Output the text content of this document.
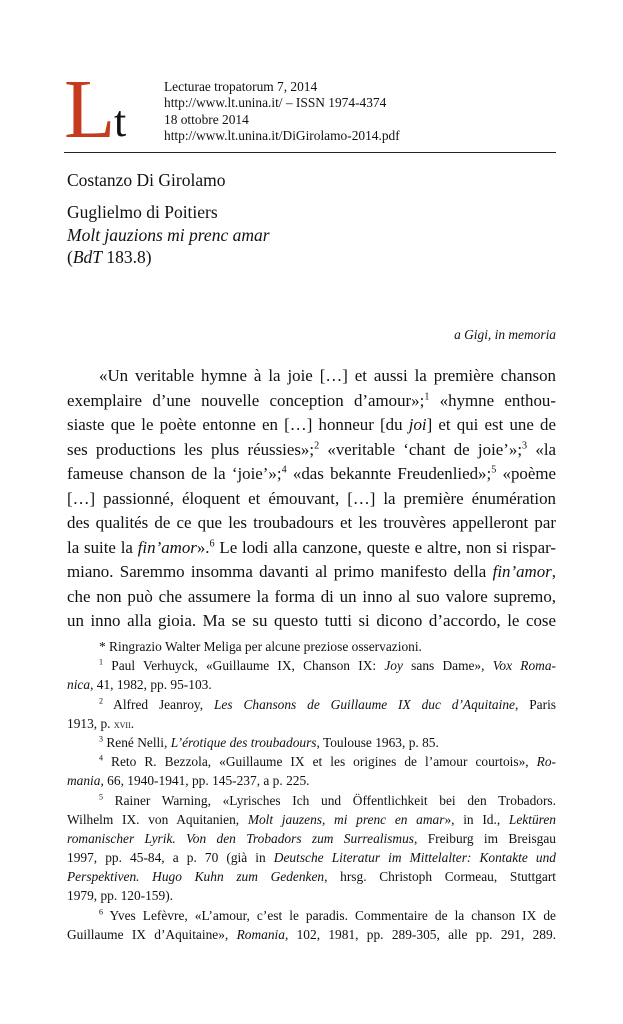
L
t
Lecturae tropatorum 7, 2014
http://www.lt.unina.it/ – ISSN 1974-4374
18 ottobre 2014
http://www.lt.unina.it/DiGirolamo-2014.pdf
Costanzo Di Girolamo
Guglielmo di Poitiers
Molt jauzions mi prenc amar
(BdT 183.8)
a Gigi, in memoria
«Un veritable hymne à la joie […] et aussi la première chanson
exemplaire d’une nouvelle conception d’amour»;$^1$ «hymne enthou-
siaste que le poète entonne en […] honneur [du joi] et qui est une de
ses productions les plus réussies»;$^2$ «veritable ‘chant de joie’»;$^3$ «la
fameuse chanson de la ‘joie’»;$^4$ «das bekannte Freudenlied»;$^5$ «poème
[…] passionné, éloquent et émouvant, […] la première énumération
des qualités de ce que les troubadours et les trouvères appelleront par
la suite la fin’amor».$^6$ Le lodi alla canzone, queste e altre, non si rispar-
miano. Saremmo insomma davanti al primo manifesto della fin’amor,
che non può che assumere la forma di un inno al suo valore supremo,
un inno alla gioia. Ma se su questo tutti si dicono d’accordo, le cose
* Ringrazio Walter Meliga per alcune preziose osservazioni.
$^1$ Paul Verhuyck, «Guillaume IX, Chanson IX: Joy sans Dame», Vox Roma-
nica, 41, 1982, pp. 95-103.
$^2$ Alfred Jeanroy, Les Chansons de Guillaume IX duc d’Aquitaine, Paris
1913, p. xvii.
$^3$ René Nelli, L’érotique des troubadours, Toulouse 1963, p. 85.
$^4$ Reto R. Bezzola, «Guillaume IX et les origines de l’amour courtois», Ro-
mania, 66, 1940-1941, pp. 145-237, a p. 225.
$^5$ Rainer Warning, «Lyrisches Ich und Öffentlichkeit bei den Trobadors.
Wilhelm IX. von Aquitanien, Molt jauzens, mi prenc en amar», in Id., Lektüren
romanischer Lyrik. Von den Trobadors zum Surrealismus, Freiburg im Breisgau
1997, pp. 45-84, a p. 70 (già in Deutsche Literatur im Mittelalter: Kontakte und
Perspektiven. Hugo Kuhn zum Gedenken, hrsg. Christoph Cormeau, Stuttgart
1979, pp. 120-159).
$^6$ Yves Lefèvre, «L’amour, c’est le paradis. Commentaire de la chanson IX de
Guillaume IX d’Aquitaine», Romania, 102, 1981, pp. 289-305, alle pp. 291, 289.
